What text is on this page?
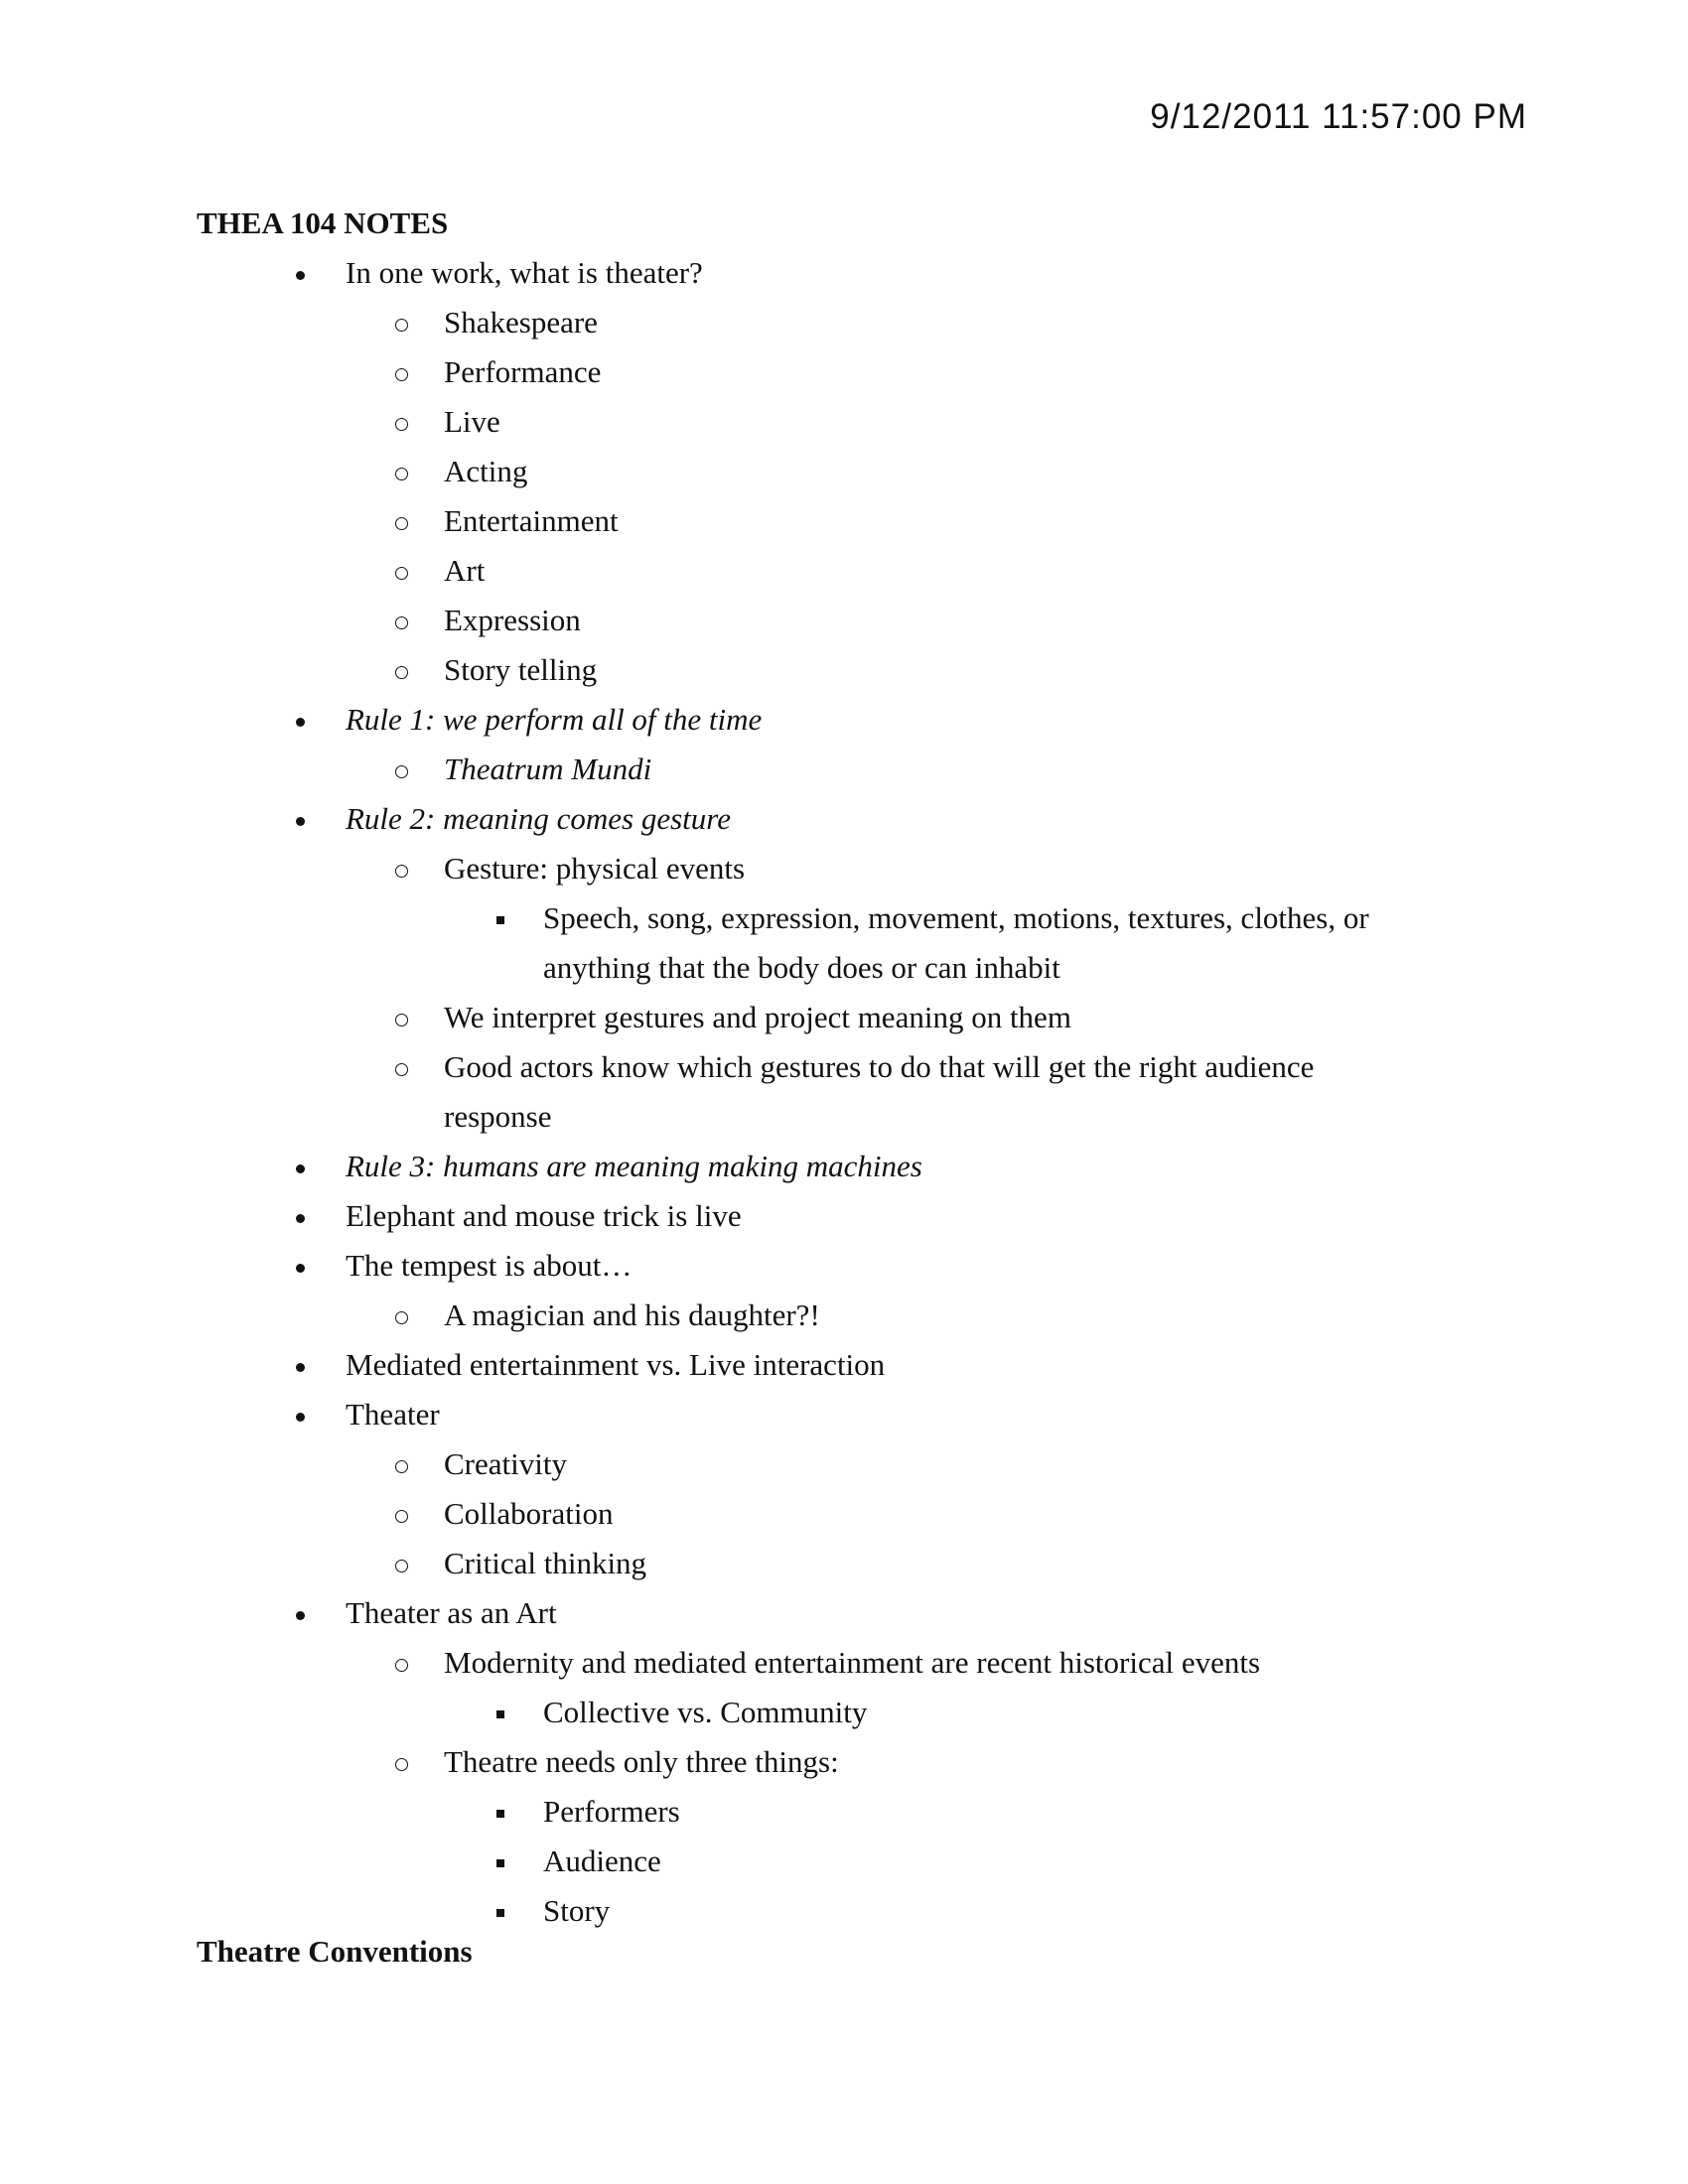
9/12/2011 11:57:00 PM
THEA 104 NOTES
In one work, what is theater?
Shakespeare
Performance
Live
Acting
Entertainment
Art
Expression
Story telling
Rule 1: we perform all of the time
Theatrum Mundi
Rule 2: meaning comes gesture
Gesture: physical events
Speech, song, expression, movement, motions, textures, clothes, or anything that the body does or can inhabit
We interpret gestures and project meaning on them
Good actors know which gestures to do that will get the right audience response
Rule 3: humans are meaning making machines
Elephant and mouse trick is live
The tempest is about…
A magician and his daughter?!
Mediated entertainment vs. Live interaction
Theater
Creativity
Collaboration
Critical thinking
Theater as an Art
Modernity and mediated entertainment are recent historical events
Collective vs. Community
Theatre needs only three things:
Performers
Audience
Story
Theatre Conventions
